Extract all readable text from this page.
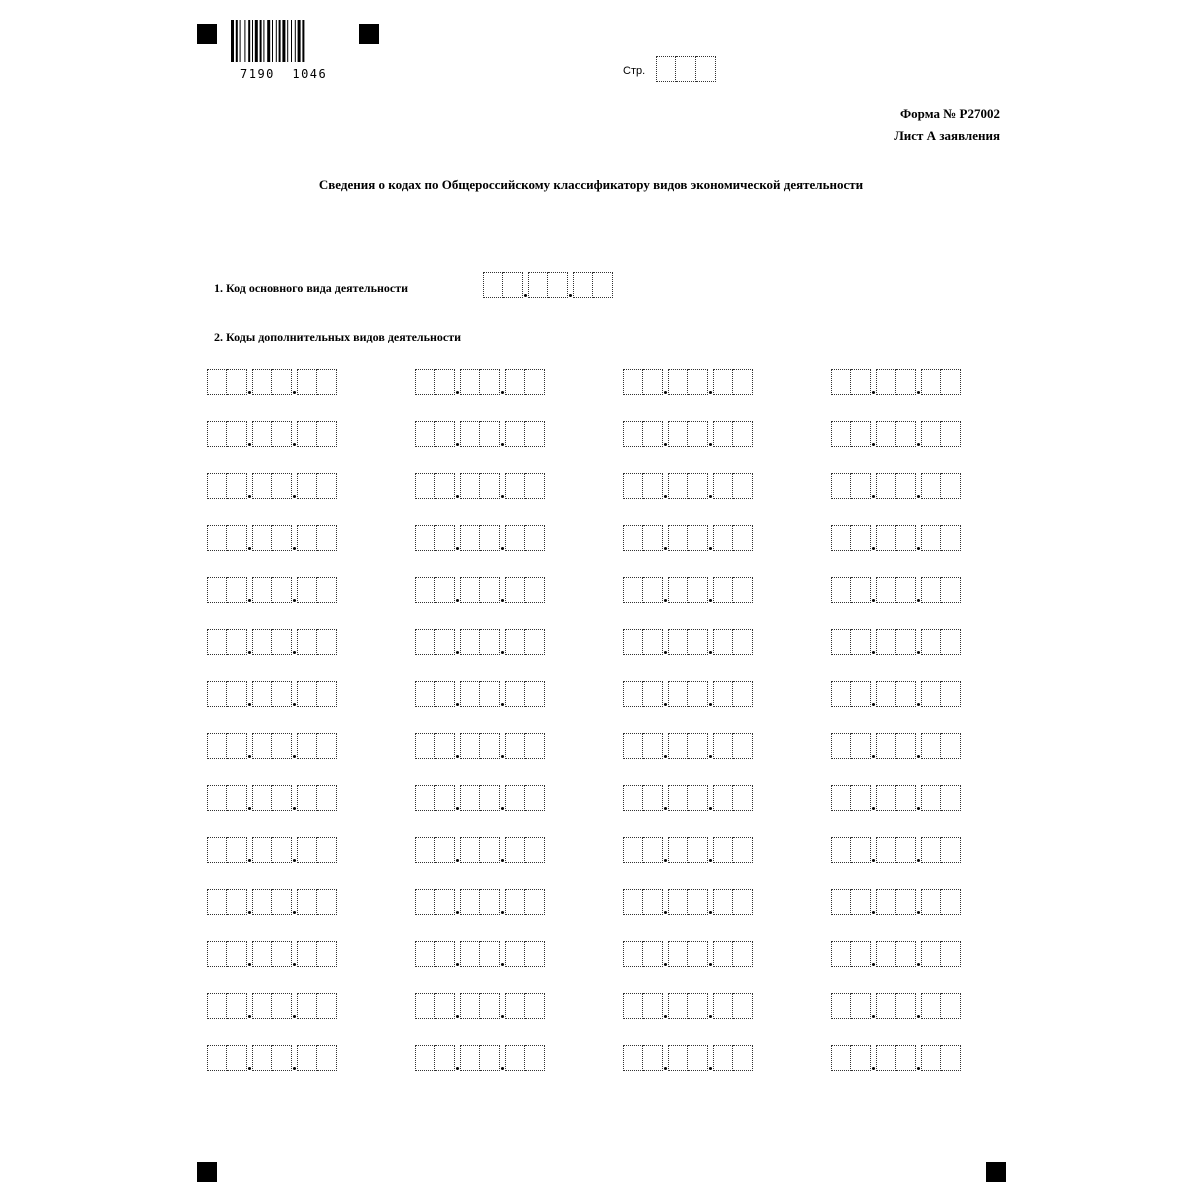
7190  1046	Стр.
Форма № Р27002
Лист А заявления
Сведения о кодах по Общероссийскому классификатору видов экономической деятельности
1. Код основного вида деятельности
2. Коды дополнительных видов деятельности
